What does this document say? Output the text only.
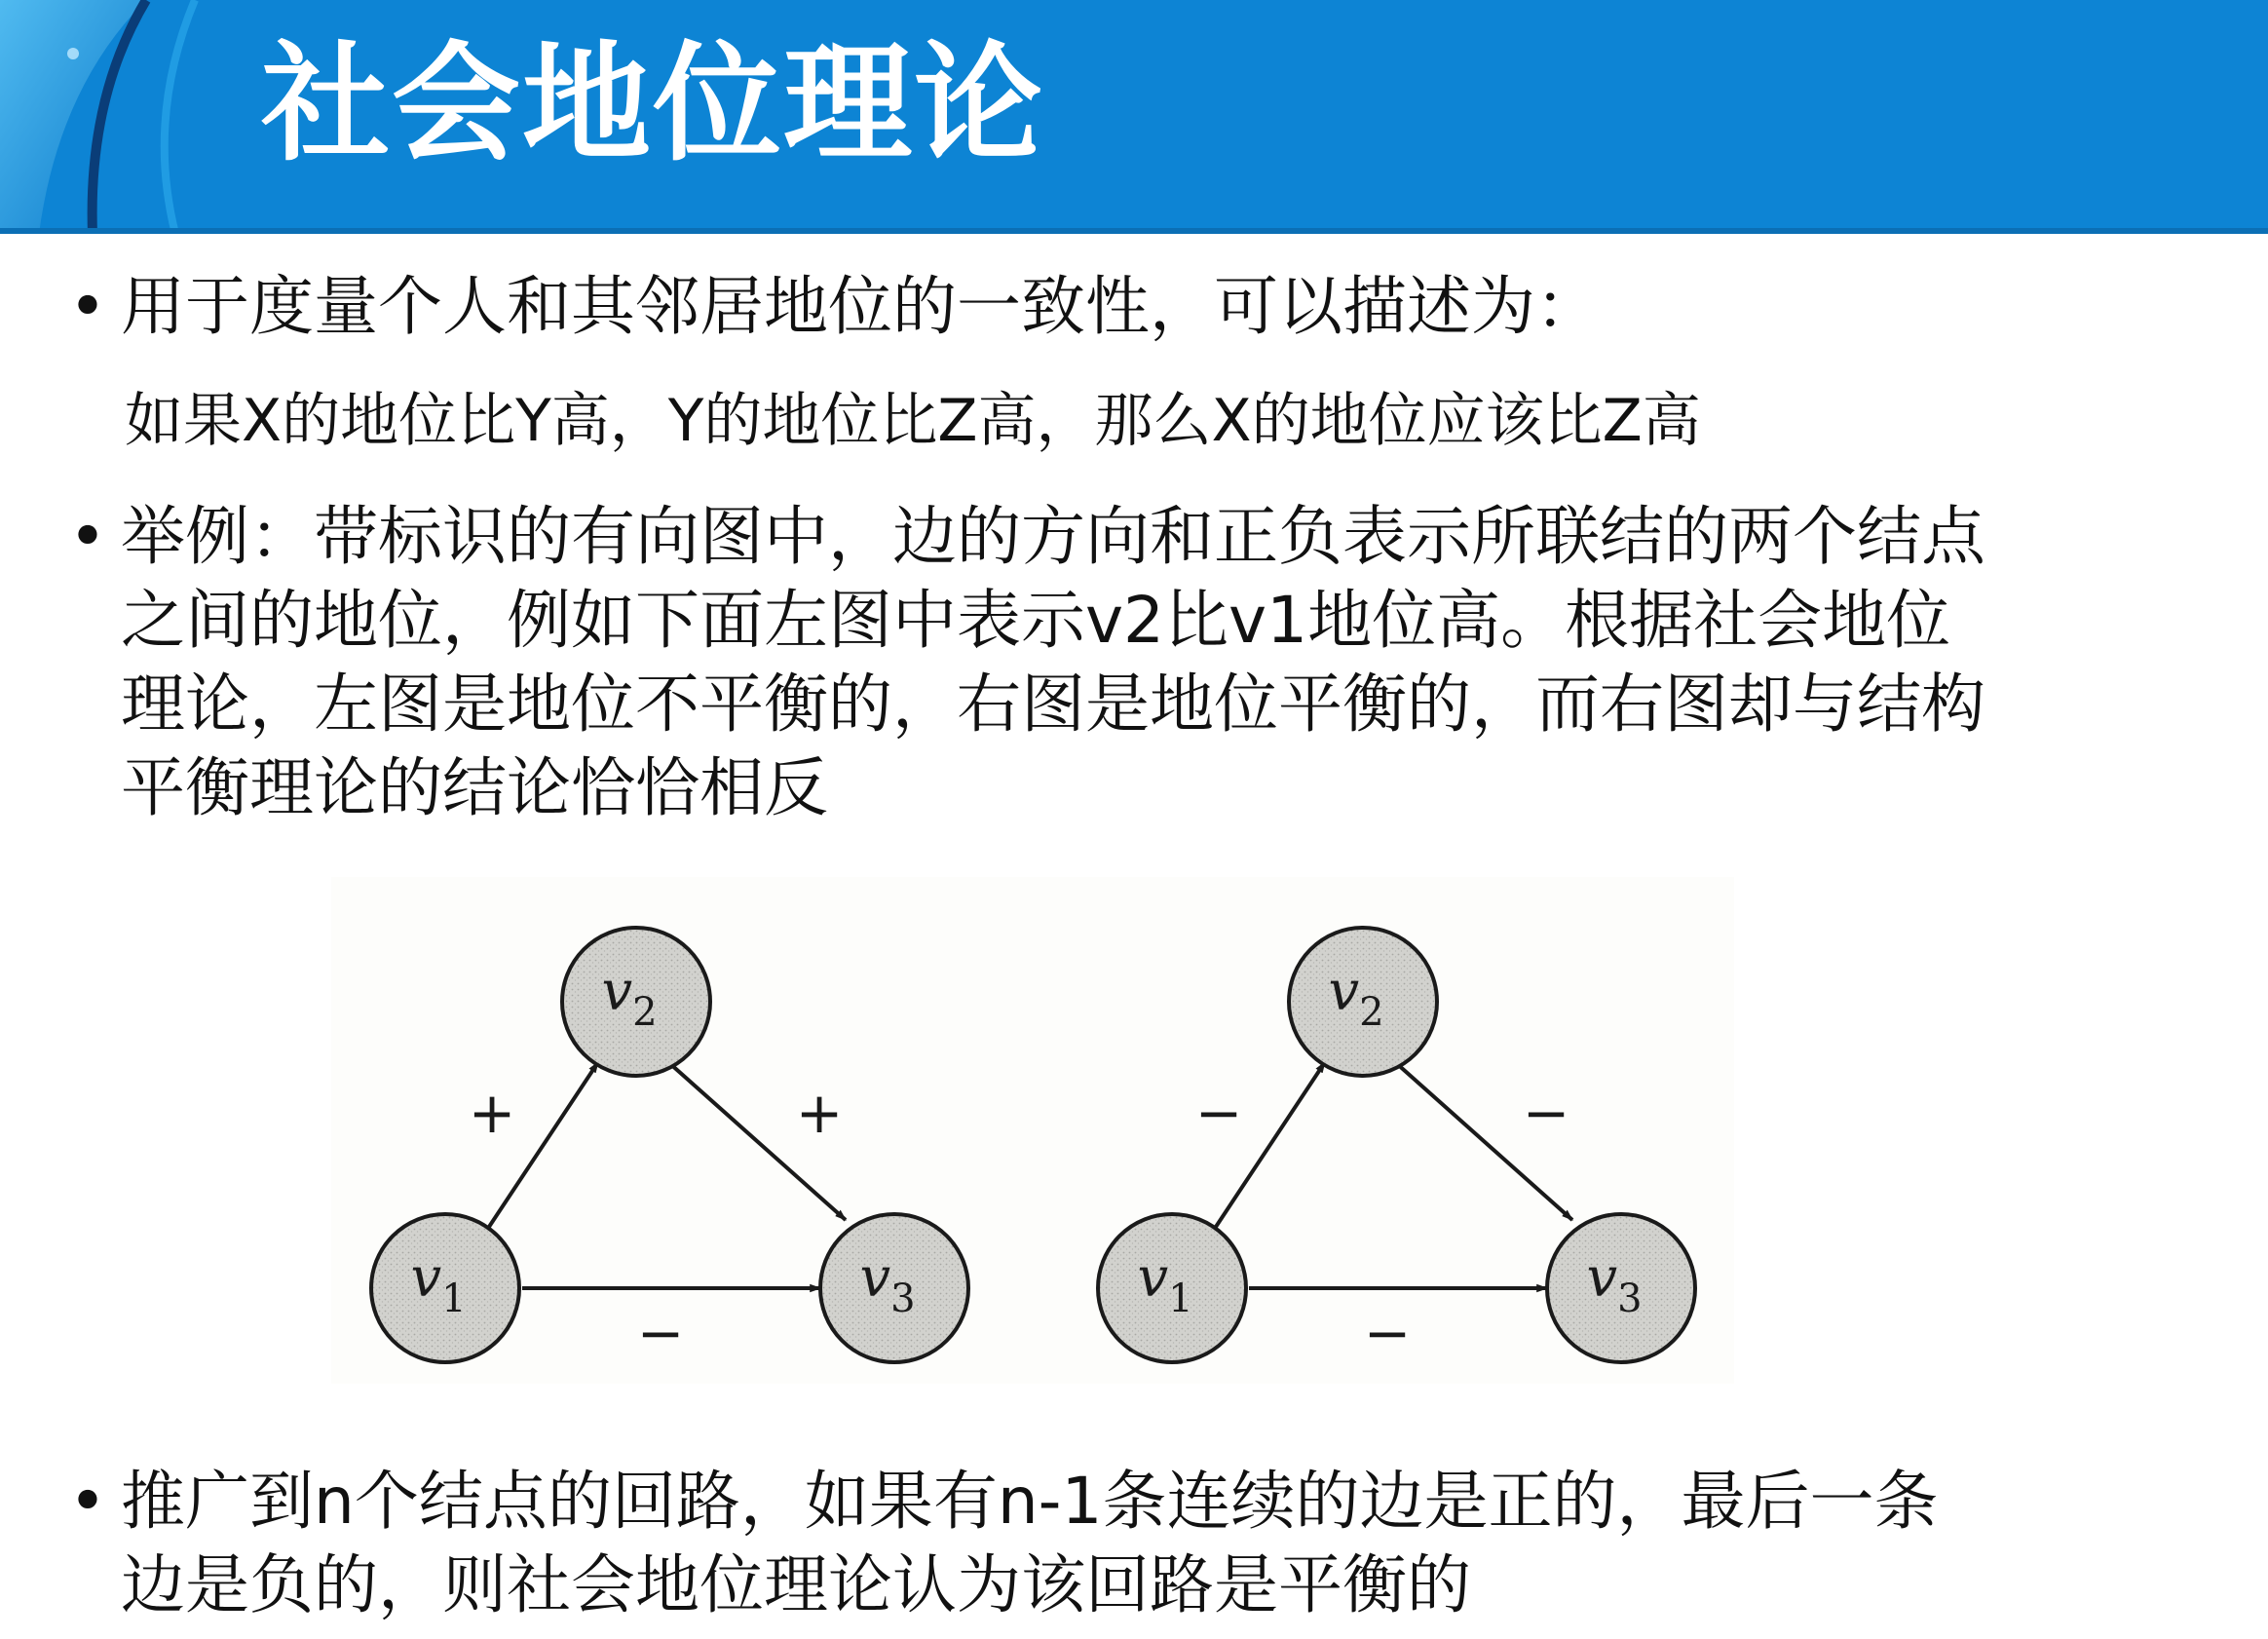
社会地位理论
• 用于度量个人和其邻居地位的一致性，可以描述为：
如果X的地位比Y高，Y的地位比Z高，那么X的地位应该比Z高
• 举例：带标识的有向图中，边的方向和正负表示所联结的两个结点
之间的地位，例如下面左图中表示v2比v1地位高。根据社会地位
理论，左图是地位不平衡的，右图是地位平衡的，而右图却与结构
平衡理论的结论恰恰相反
+	+
−
v2
v1	v3
−	−
−
v2
v1	v3
• 推广到n个结点的回路，如果有n-1条连续的边是正的，最后一条
边是负的，则社会地位理论认为该回路是平衡的
